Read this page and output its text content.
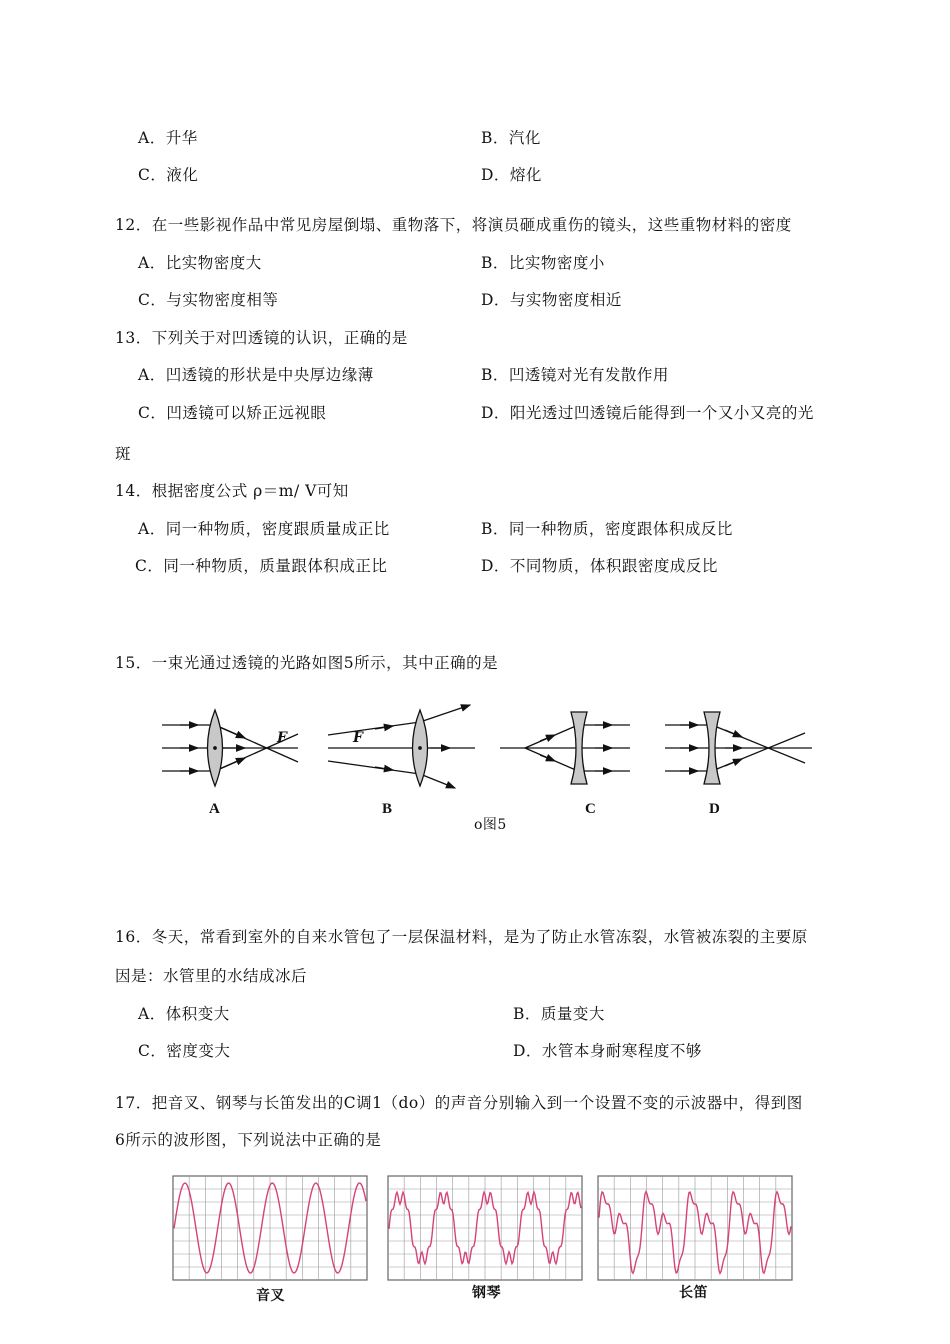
A．升华	B．汽化
C．液化	D．熔化
12．在一些影视作品中常见房屋倒塌、重物落下，将演员砸成重伤的镜头，这些重物材料的密度
A．比实物密度大	B．比实物密度小
C．与实物密度相等	D．与实物密度相近
13．下列关于对凹透镜的认识，正确的是
A．凹透镜的形状是中央厚边缘薄	B．凹透镜对光有发散作用
C．凹透镜可以矫正远视眼	D．阳光透过凹透镜后能得到一个又小又亮的光
斑
14．根据密度公式 ρ＝m/ V可知
A．同一种物质，密度跟质量成正比	B．同一种物质，密度跟体积成反比
C．同一种物质，质量跟体积成正比	D．不同物质，体积跟密度成反比
15．一束光通过透镜的光路如图5所示，其中正确的是
F	F
A	B	C	D
o图5
16．冬天，常看到室外的自来水管包了一层保温材料，是为了防止水管冻裂，水管被冻裂的主要原
因是：水管里的水结成冰后
A．体积变大	B．质量变大
C．密度变大	D．水管本身耐寒程度不够
17．把音叉、钢琴与长笛发出的C调1（do）的声音分别输入到一个设置不变的示波器中，得到图
6所示的波形图，下列说法中正确的是
音叉	钢琴	长笛
